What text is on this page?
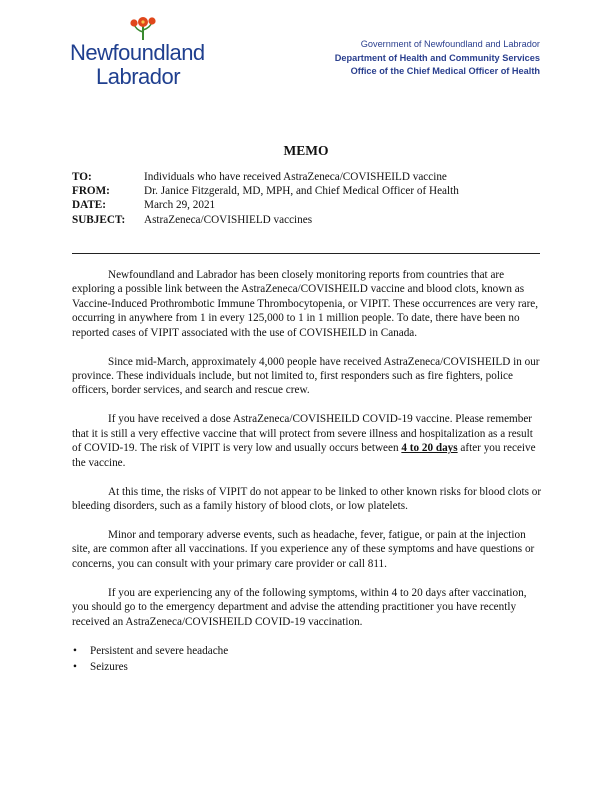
Newfoundland
Labrador
Government of Newfoundland and Labrador
Department of Health and Community Services
Office of the Chief Medical Officer of Health
MEMO
TO:	Individuals who have received AstraZeneca/COVISHEILD vaccine
FROM:	Dr. Janice Fitzgerald, MD, MPH, and Chief Medical Officer of Health
DATE:	March 29, 2021
SUBJECT:	AstraZeneca/COVISHIELD vaccines

Newfoundland and Labrador has been closely monitoring reports from countries that are exploring a possible link between the AstraZeneca/COVISHEILD vaccine and blood clots, known as Vaccine-Induced Prothrombotic Immune Thrombocytopenia, or VIPIT. These occurrences are very rare, occurring in anywhere from 1 in every 125,000 to 1 in 1 million people. To date, there have been no reported cases of VIPIT associated with the use of COVISHEILD in Canada.

Since mid-March, approximately 4,000 people have received AstraZeneca/COVISHEILD in our province. These individuals include, but not limited to, first responders such as fire fighters, police officers, border services, and search and rescue crew.

If you have received a dose AstraZeneca/COVISHEILD COVID-19 vaccine. Please remember that it is still a very effective vaccine that will protect from severe illness and hospitalization as a result of COVID-19. The risk of VIPIT is very low and usually occurs between 4 to 20 days after you receive the vaccine.

At this time, the risks of VIPIT do not appear to be linked to other known risks for blood clots or bleeding disorders, such as a family history of blood clots, or low platelets.

Minor and temporary adverse events, such as headache, fever, fatigue, or pain at the injection site, are common after all vaccinations. If you experience any of these symptoms and have questions or concerns, you can consult with your primary care provider or call 811.

If you are experiencing any of the following symptoms, within 4 to 20 days after vaccination, you should go to the emergency department and advise the attending practitioner you have recently received an AstraZeneca/COVISHEILD COVID-19 vaccination.

• Persistent and severe headache
• Seizures
